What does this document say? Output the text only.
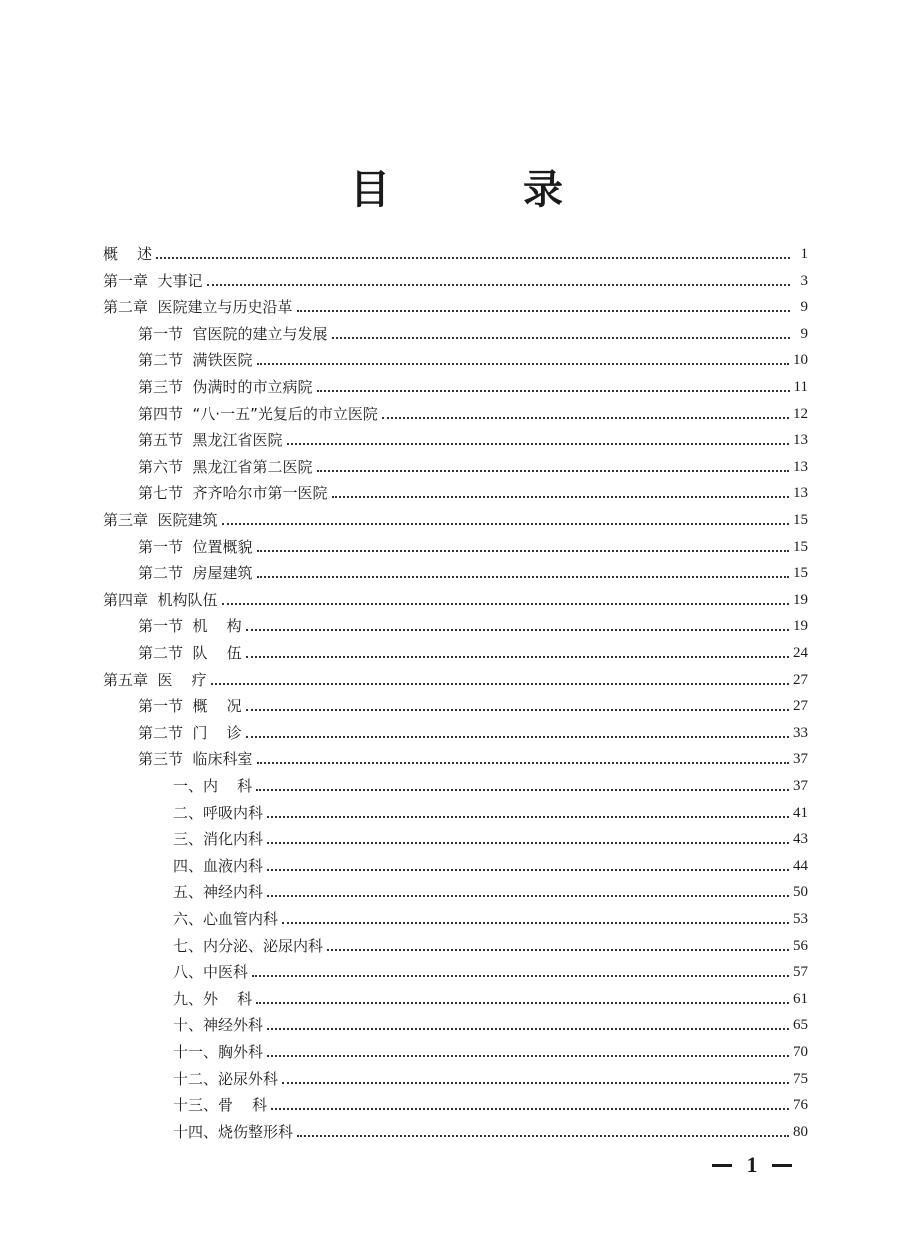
目	录
概    述	1
第一章  大事记	3
第二章  医院建立与历史沿革	9
第一节  官医院的建立与发展	9
第二节  满铁医院	10
第三节  伪满时的市立病院	11
第四节  “八·一五”光复后的市立医院	12
第五节  黑龙江省医院	13
第六节  黑龙江省第二医院	13
第七节  齐齐哈尔市第一医院	13
第三章  医院建筑	15
第一节  位置概貌	15
第二节  房屋建筑	15
第四章  机构队伍	19
第一节  机    构	19
第二节  队    伍	24
第五章  医    疗	27
第一节  概    况	27
第二节  门    诊	33
第三节  临床科室	37
一、内    科	37
二、呼吸内科	41
三、消化内科	43
四、血液内科	44
五、神经内科	50
六、心血管内科	53
七、内分泌、泌尿内科	56
八、中医科	57
九、外    科	61
十、神经外科	65
十一、胸外科	70
十二、泌尿外科	75
十三、骨    科	76
十四、烧伤整形科	80
1
